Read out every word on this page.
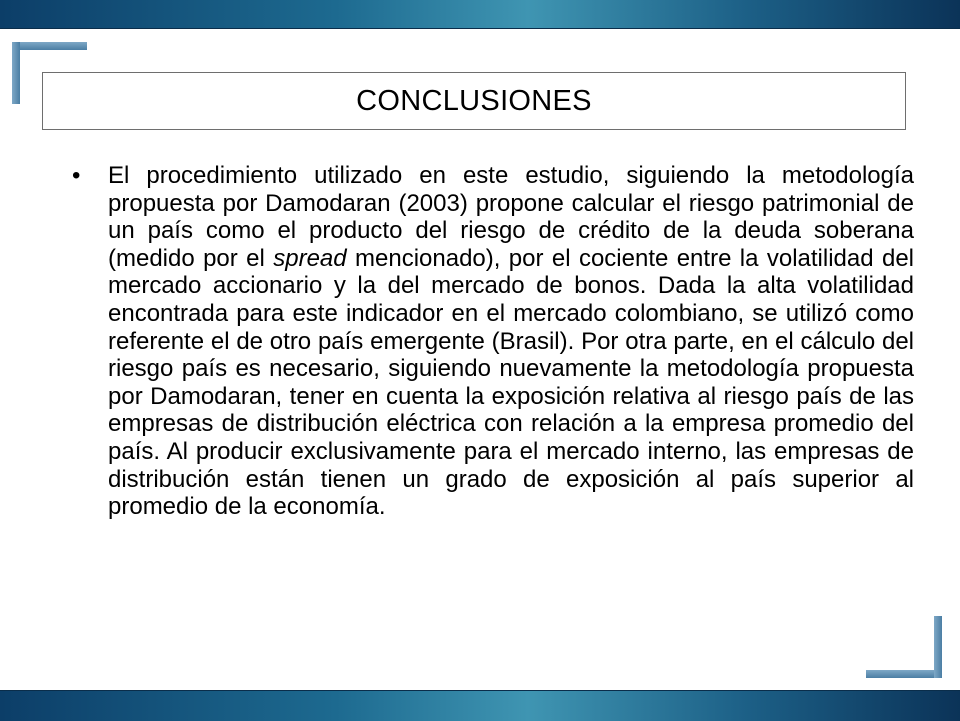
CONCLUSIONES
• El procedimiento utilizado en este estudio, siguiendo la metodología propuesta por Damodaran (2003) propone calcular el riesgo patrimonial de un país como el producto del riesgo de crédito de la deuda soberana (medido por el spread mencionado), por el cociente entre la volatilidad del mercado accionario y la del mercado de bonos. Dada la alta volatilidad encontrada para este indicador en el mercado colombiano, se utilizó como referente el de otro país emergente (Brasil). Por otra parte, en el cálculo del riesgo país es necesario, siguiendo nuevamente la metodología propuesta por Damodaran, tener en cuenta la exposición relativa al riesgo país de las empresas de distribución eléctrica con relación a la empresa promedio del país. Al producir exclusivamente para el mercado interno, las empresas de distribución están tienen un grado de exposición al país superior al promedio de la economía.
